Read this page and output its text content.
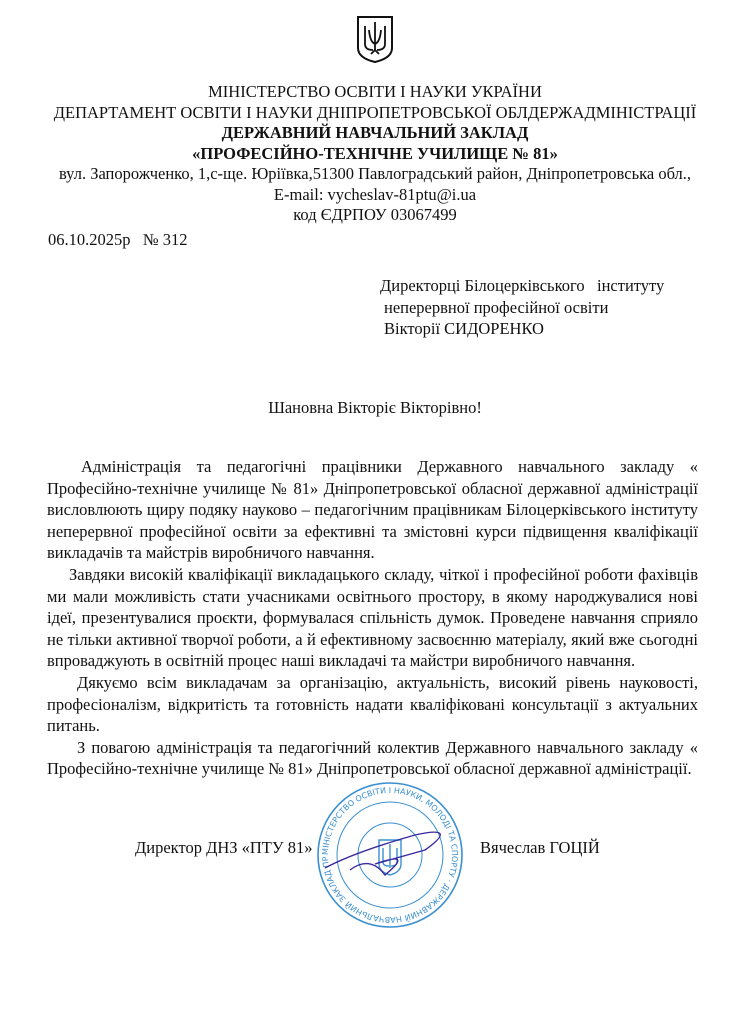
МІНІСТЕРСТВО ОСВІТИ І НАУКИ УКРАЇНИ
ДЕПАРТАМЕНТ ОСВІТИ І НАУКИ ДНІПРОПЕТРОВСЬКОЇ ОБЛДЕРЖАДМІНІСТРАЦІЇ
ДЕРЖАВНИЙ НАВЧАЛЬНИЙ ЗАКЛАД
«ПРОФЕСІЙНО-ТЕХНІЧНЕ УЧИЛИЩЕ № 81»
вул. Запорожченко, 1,с-ще. Юріївка,51300 Павлоградський район, Дніпропетровська обл.,
E-mail: vycheslav-81ptu@i.ua
код ЄДРПОУ 03067499
06.10.2025р   № 312
Директорці Білоцерківського   інституту
неперервної професійної освіти
Вікторії СИДОРЕНКО
Шановна Вікторіє Вікторівно!

Адміністрація та педагогічні працівники Державного навчального закладу « Професійно-технічне училище № 81» Дніпропетровської обласної державної адміністрації висловлюють щиру подяку науково – педагогічним працівникам Білоцерківського інституту неперервної професійної освіти за ефективні та змістовні курси підвищення кваліфікації викладачів та майстрів виробничого навчання.

Завдяки високій кваліфікації викладацького складу, чіткої і професійної роботи фахівців ми мали можливість стати учасниками освітнього простору, в якому народжувалися нові ідеї, презентувалися проєкти, формувалася спільність думок. Проведене навчання сприяло не тільки активної творчої роботи, а й ефективному засвоєнню матеріалу, який вже сьогодні впроваджують в освітній процес наші викладачі та майстри виробничого навчання.

Дякуємо всім викладачам за організацію, актуальність, високий рівень науковості, професіоналізм, відкритість та готовність надати кваліфіковані консультації з актуальних питань.

З повагою адміністрація та педагогічний колектив Державного навчального закладу « Професійно-технічне училище № 81» Дніпропетровської обласної державної адміністрації.

МІНІСТЕРСТВО ОСВІТИ І НАУКИ, МОЛОДІ ТА СПОРТУ · ДЕРЖАВНИЙ НАВЧАЛЬНИЙ ЗАКЛАД ПР
Директор ДНЗ «ПТУ 81»	Вячеслав ГОЦІЙ
